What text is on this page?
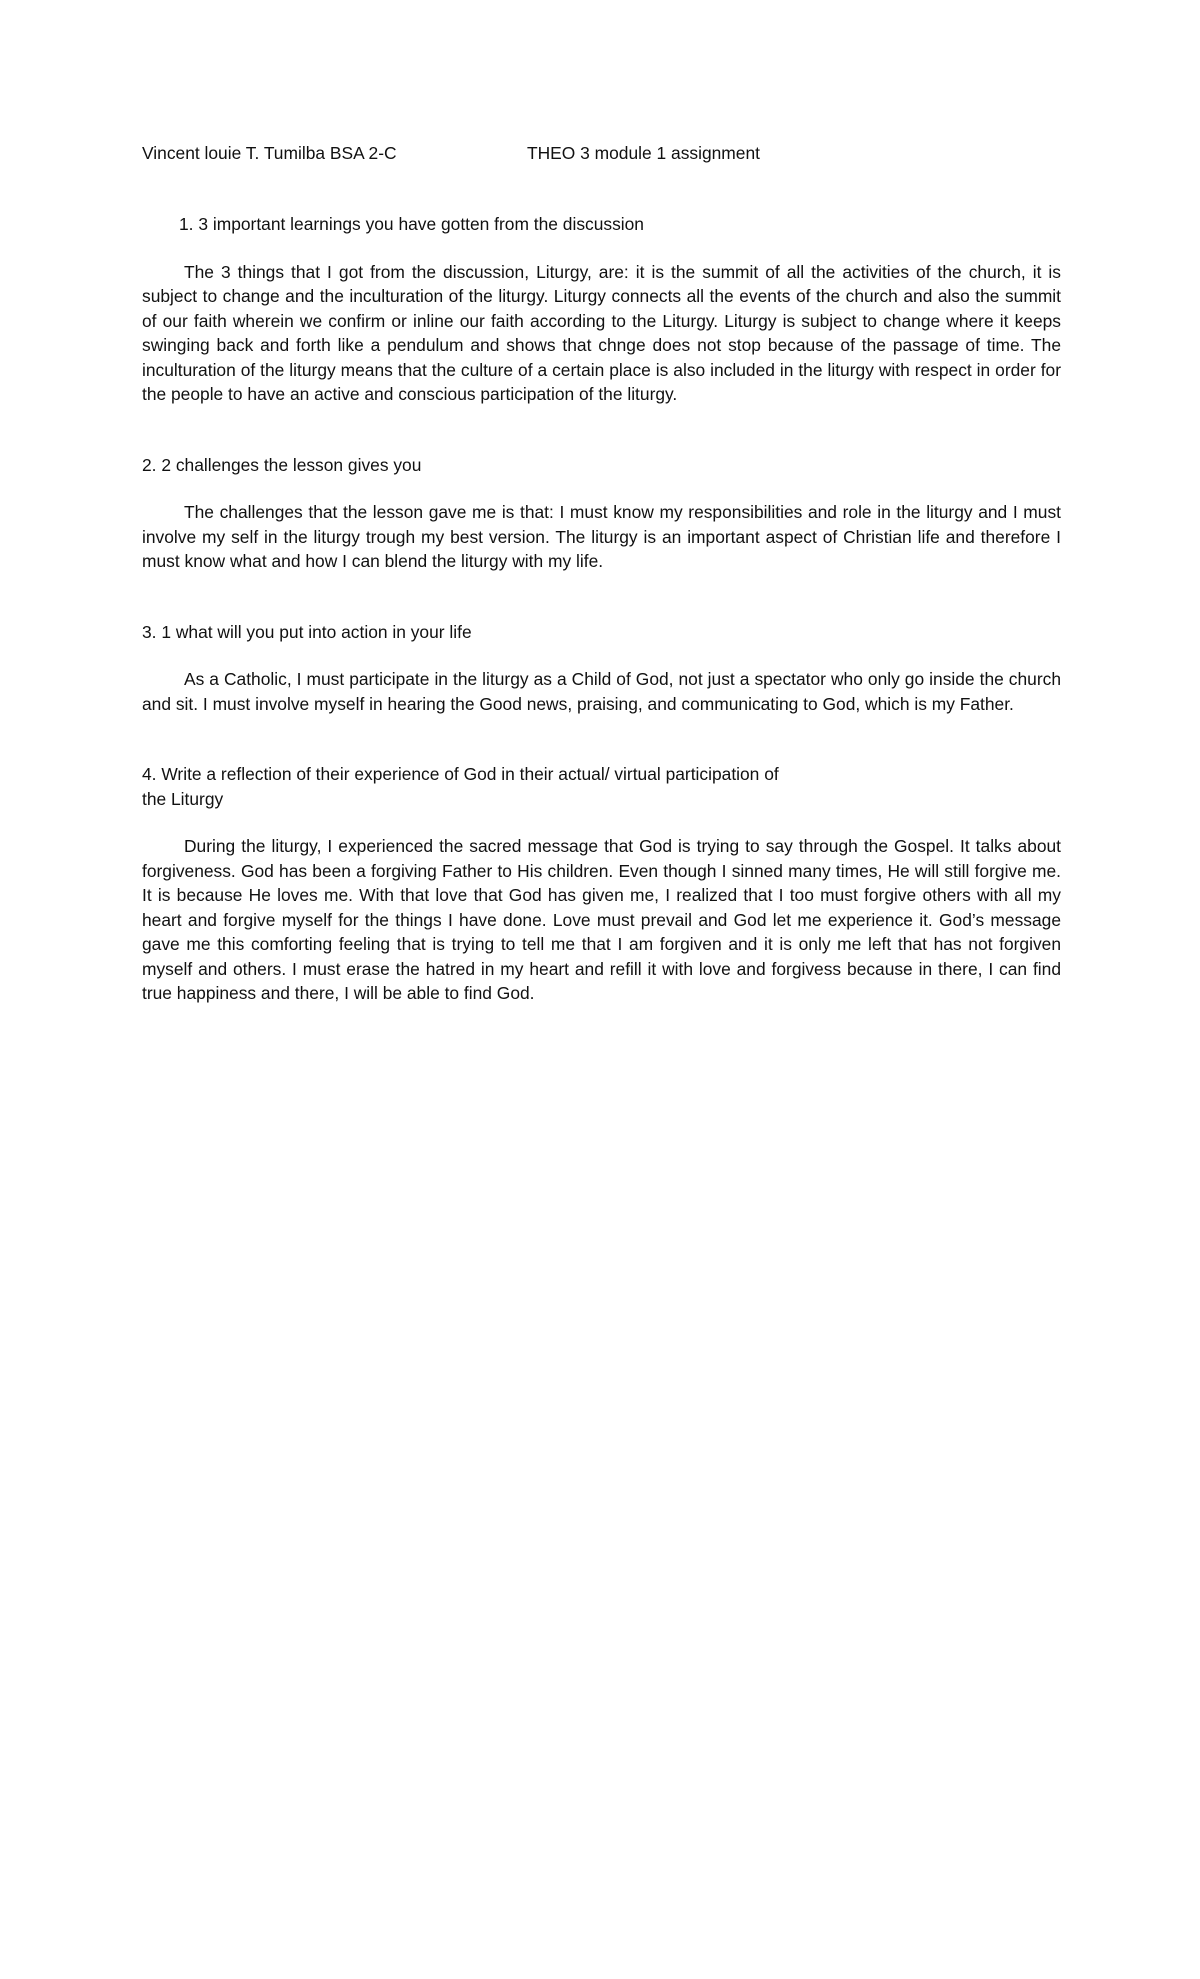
Vincent louie T. Tumilba BSA 2-C	THEO 3 module 1 assignment

1. 3 important learnings you have gotten from the discussion

The 3 things that I got from the discussion, Liturgy, are: it is the summit of all the activities of the church, it is subject to change and the inculturation of the liturgy. Liturgy connects all the events of the church and also the summit of our faith wherein we confirm or inline our faith according to the Liturgy. Liturgy is subject to change where it keeps swinging back and forth like a pendulum and shows that chnge does not stop because of the passage of time. The inculturation of the liturgy means that the culture of a certain place is also included in the liturgy with respect in order for the people to have an active and conscious participation of the liturgy.

2. 2 challenges the lesson gives you

The challenges that the lesson gave me is that: I must know my responsibilities and role in the liturgy and I must involve my self in the liturgy trough my best version. The liturgy is an important aspect of Christian life and therefore I must know what and how I can blend the liturgy with my life.

3. 1 what will you put into action in your life

As a Catholic, I must participate in the liturgy as a Child of God, not just a spectator who only go inside the church and sit. I must involve myself in hearing the Good news, praising, and communicating to God, which is my Father.

4. Write a reflection of their experience of God in their actual/ virtual participation of
the Liturgy

During the liturgy, I experienced the sacred message that God is trying to say through the Gospel. It talks about forgiveness. God has been a forgiving Father to His children. Even though I sinned many times, He will still forgive me. It is because He loves me. With that love that God has given me, I realized that I too must forgive others with all my heart and forgive myself for the things I have done. Love must prevail and God let me experience it. God’s message gave me this comforting feeling that is trying to tell me that I am forgiven and it is only me left that has not forgiven myself and others. I must erase the hatred in my heart and refill it with love and forgivess because in there, I can find true happiness and there, I will be able to find God.
